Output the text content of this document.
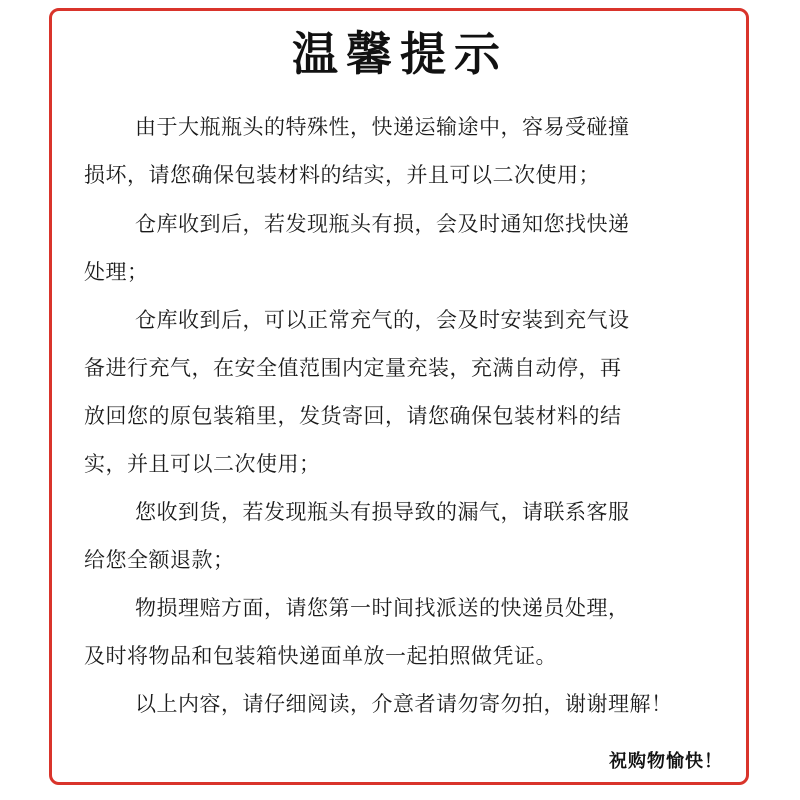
温馨提示
由于大瓶瓶头的特殊性，快递运输途中，容易受碰撞
损坏，请您确保包装材料的结实，并且可以二次使用；
仓库收到后，若发现瓶头有损，会及时通知您找快递
处理；
仓库收到后，可以正常充气的，会及时安装到充气设
备进行充气，在安全值范围内定量充装，充满自动停，再
放回您的原包装箱里，发货寄回，请您确保包装材料的结
实，并且可以二次使用；
您收到货，若发现瓶头有损导致的漏气，请联系客服
给您全额退款；
物损理赔方面，请您第一时间找派送的快递员处理，
及时将物品和包装箱快递面单放一起拍照做凭证。
以上内容，请仔细阅读，介意者请勿寄勿拍，谢谢理解！
祝购物愉快！
